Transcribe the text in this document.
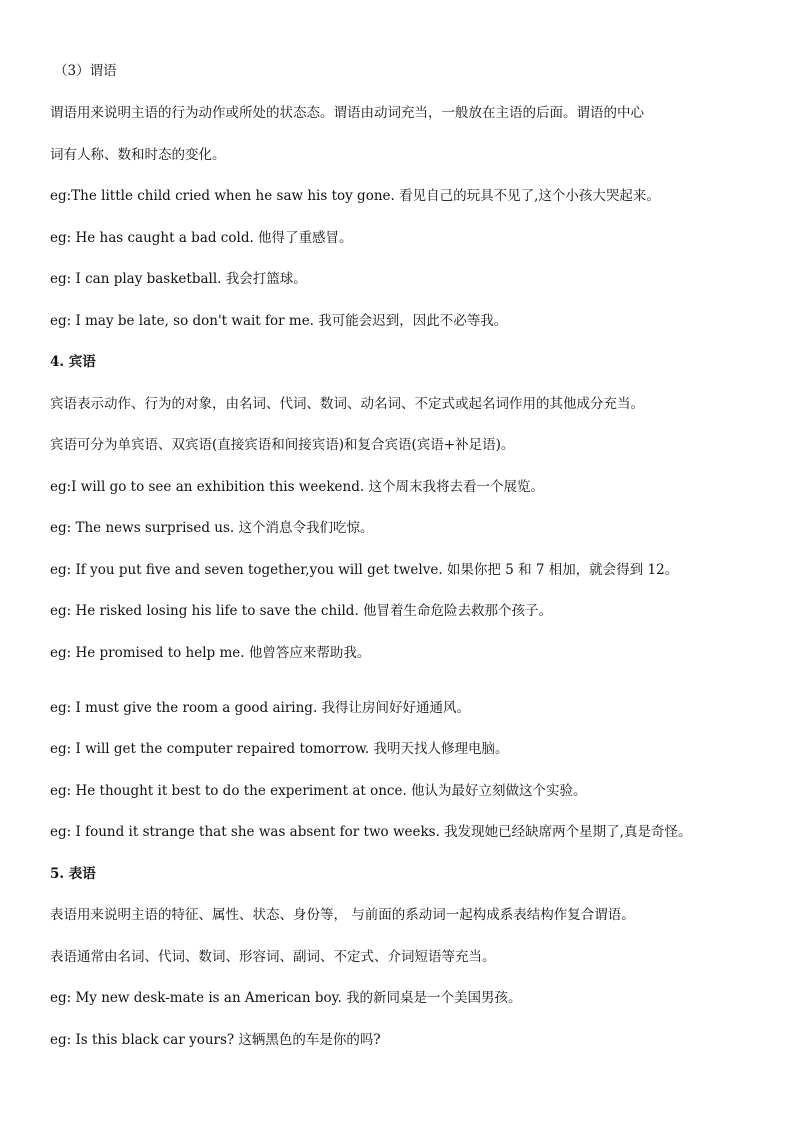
（3）谓语
谓语用来说明主语的行为动作或所处的状态态。谓语由动词充当，一般放在主语的后面。谓语的中心
词有人称、数和时态的变化。
eg:The little child cried when he saw his toy gone. 看见自己的玩具不见了,这个小孩大哭起来。
eg: He has caught a bad cold. 他得了重感冒。
eg: I can play basketball. 我会打篮球。
eg: I may be late, so don't wait for me. 我可能会迟到，因此不必等我。
4. 宾语
宾语表示动作、行为的对象，由名词、代词、数词、动名词、不定式或起名词作用的其他成分充当。
宾语可分为单宾语、双宾语(直接宾语和间接宾语)和复合宾语(宾语+补足语)。
eg:I will go to see an exhibition this weekend. 这个周末我将去看一个展览。
eg: The news surprised us. 这个消息令我们吃惊。
eg: If you put five and seven together,you will get twelve. 如果你把 5 和 7 相加，就会得到 12。
eg: He risked losing his life to save the child. 他冒着生命危险去救那个孩子。
eg: He promised to help me. 他曾答应来帮助我。
eg: I must give the room a good airing. 我得让房间好好通通风。
eg: I will get the computer repaired tomorrow. 我明天找人修理电脑。
eg: He thought it best to do the experiment at once. 他认为最好立刻做这个实验。
eg: I found it strange that she was absent for two weeks. 我发现她已经缺席两个星期了,真是奇怪。
5. 表语
表语用来说明主语的特征、属性、状态、身份等， 与前面的系动词一起构成系表结构作复合谓语。
表语通常由名词、代词、数词、形容词、副词、不定式、介词短语等充当。
eg: My new desk-mate is an American boy. 我的新同桌是一个美国男孩。
eg: Is this black car yours? 这辆黑色的车是你的吗?
